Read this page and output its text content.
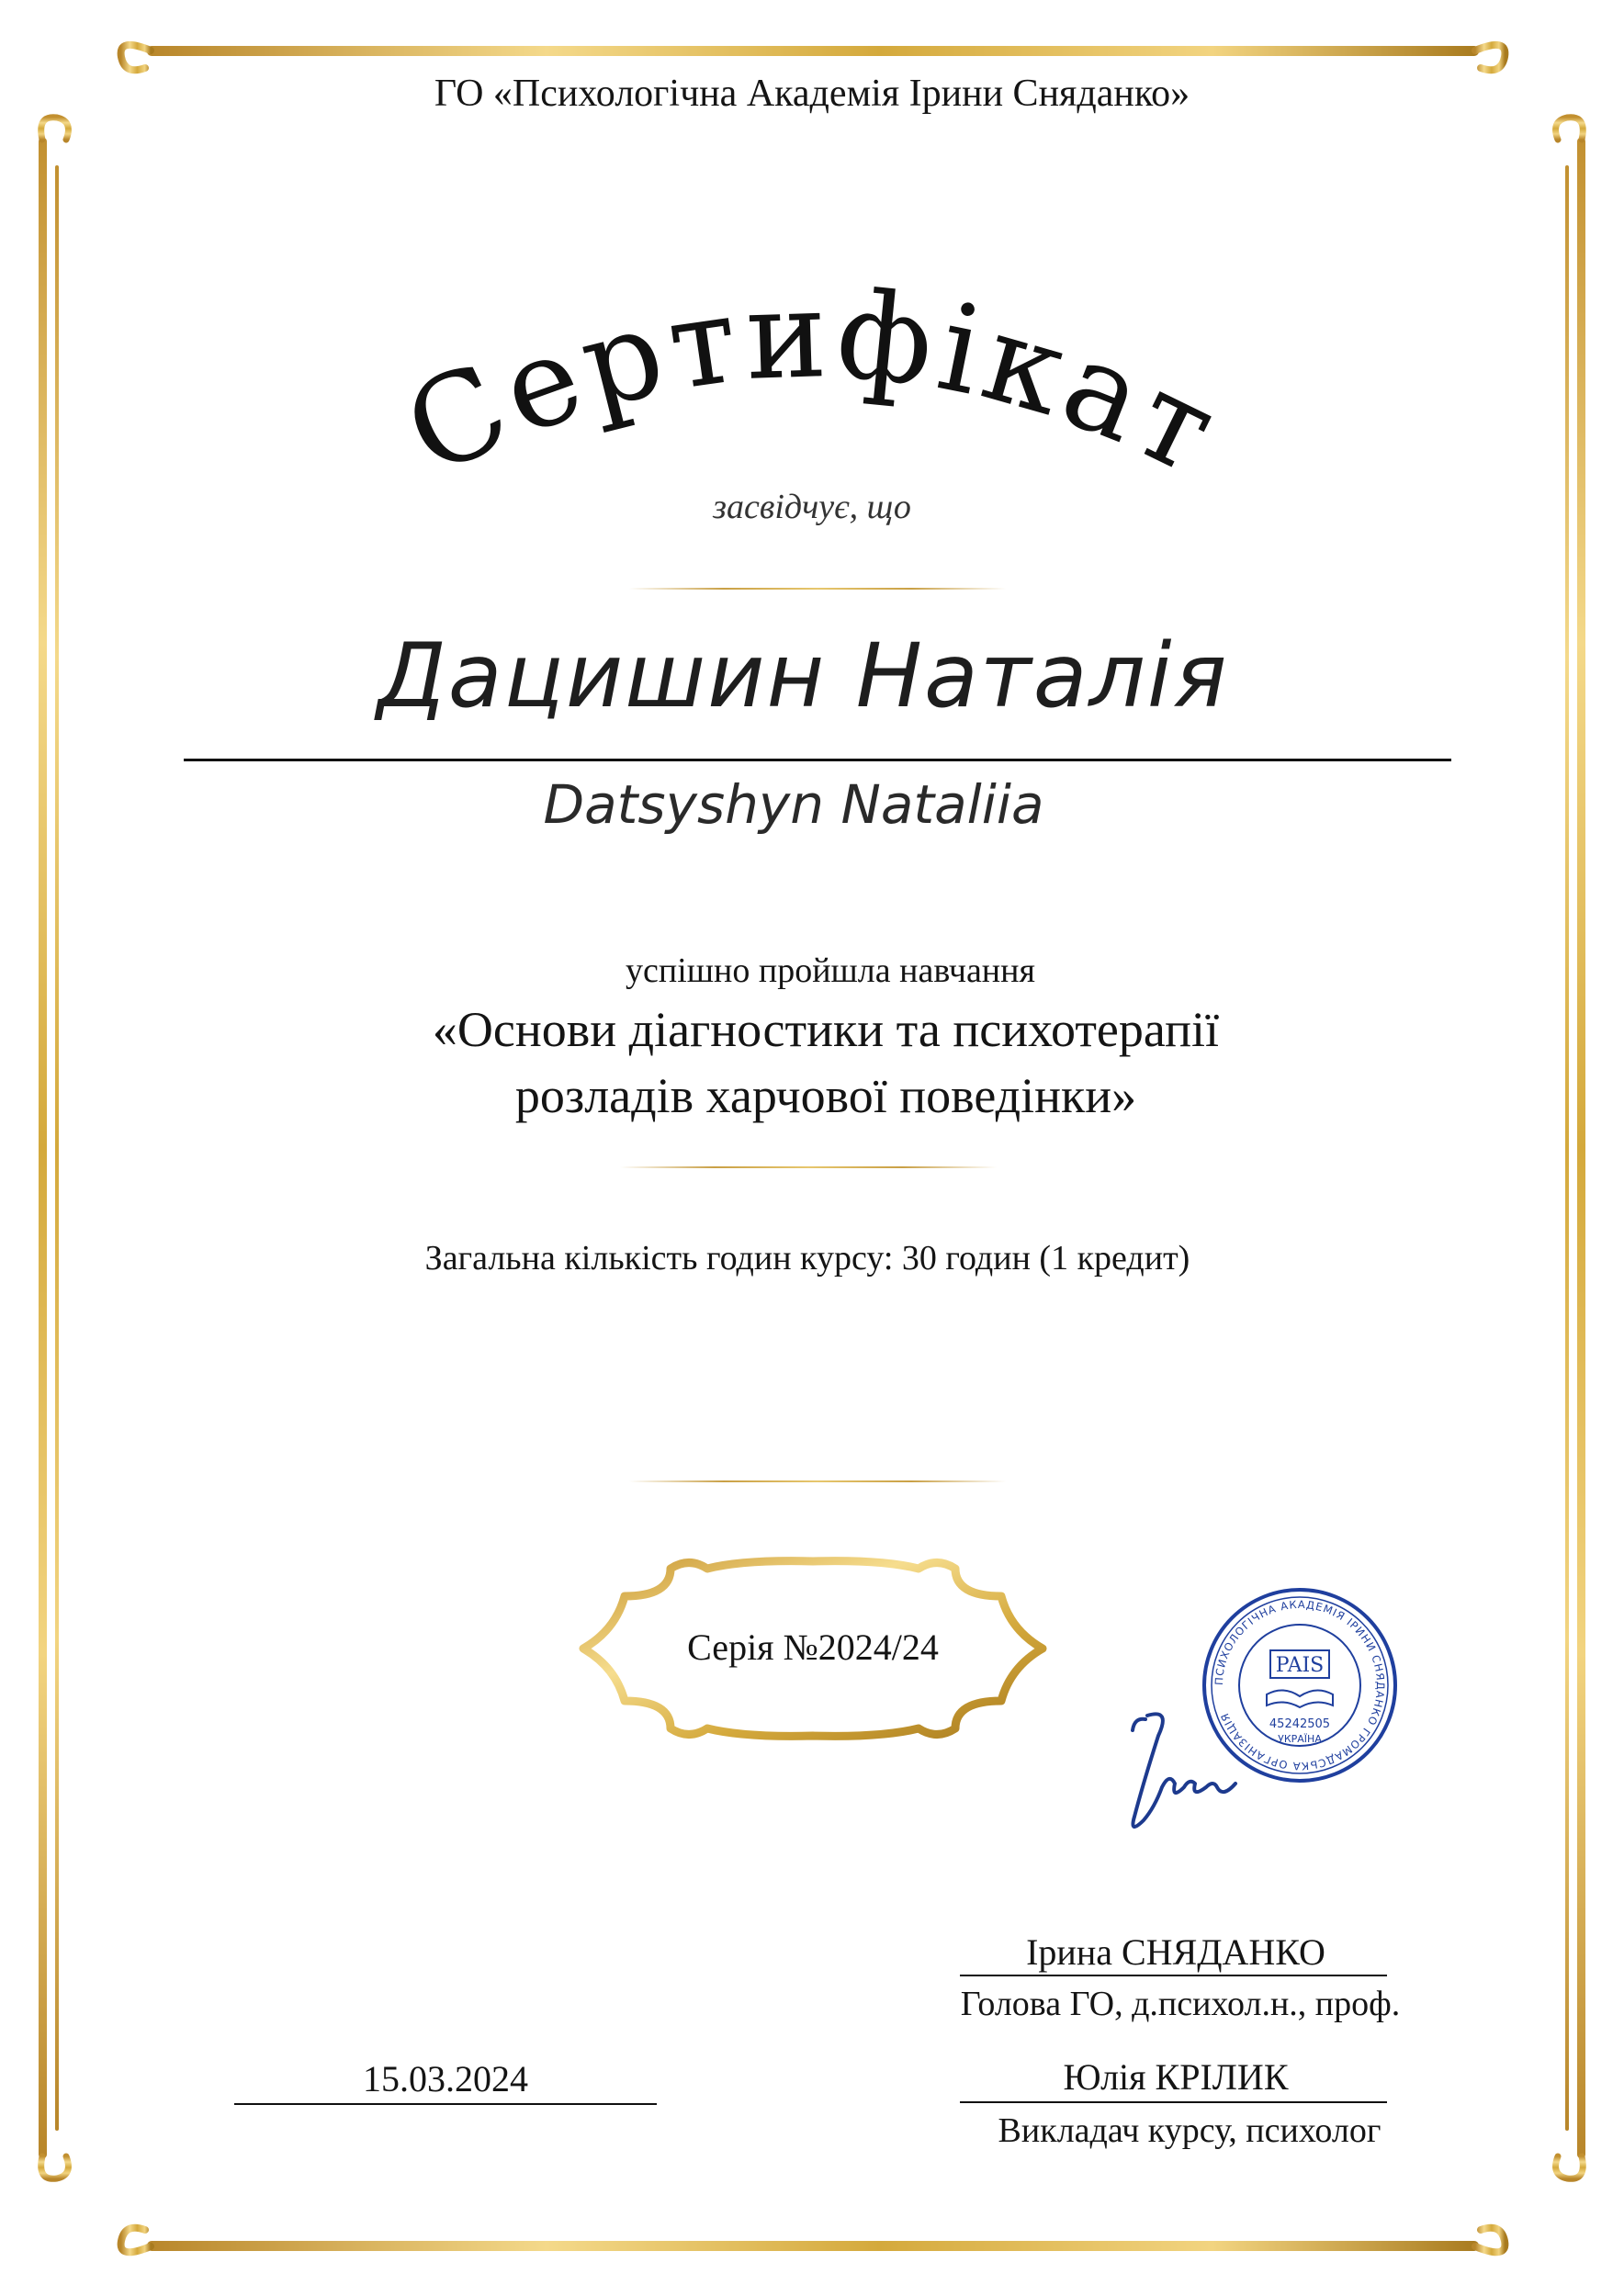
ГО «Психологічна Академія Ірини Сняданко»
Сертифікат
засвідчує, що
Дацишин Наталія
Datsyshyn Nataliia
успішно пройшла навчання
«Основи діагностики та психотерапії
розладів харчової поведінки»
Загальна кількість годин курсу: 30 годин (1 кредит)
Серія №2024/24
ПСИХОЛОГІЧНА АКАДЕМІЯ ІРИНИ СНЯДАНКО ГРОМАДСЬКА ОРГАНІЗАЦІЯ
PAIS
45242505
УКРАЇНА
Ірина СНЯДАНКО
Голова ГО, д.психол.н., проф.
Юлія КРІЛИК
Викладач курсу, психолог
15.03.2024
